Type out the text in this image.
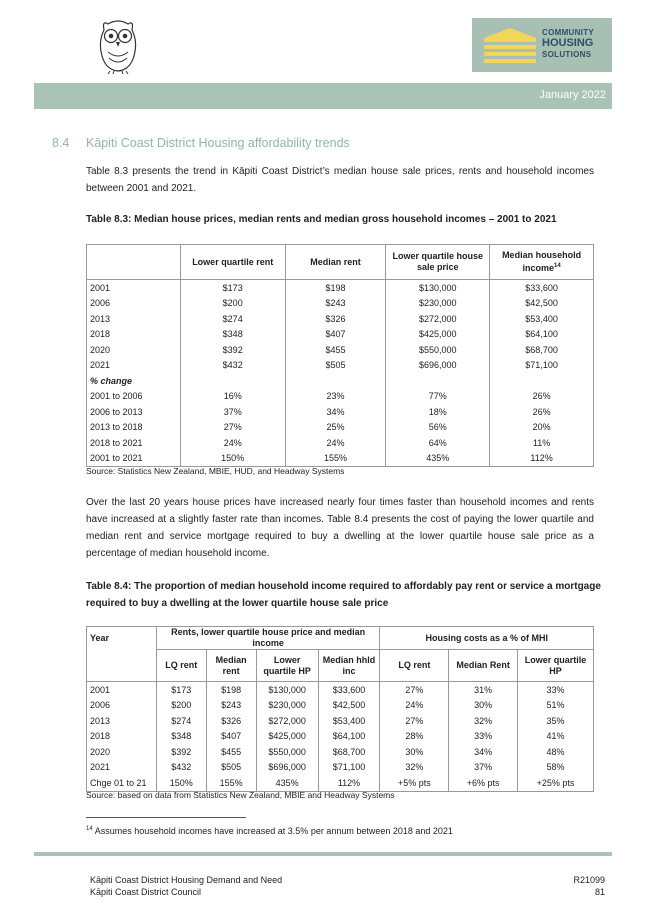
COMMUNITY
HOUSING
SOLUTIONS
January 2022
8.4 Kāpiti Coast District Housing affordability trends

Table 8.3 presents the trend in Kāpiti Coast District’s median house sale prices, rents and household incomes between 2001 and 2021.

Table 8.3: Median house prices, median rents and median gross household incomes – 2001 to 2021
	Lower quartile rent	Median rent	Lower quartile house sale price	Median household income$^{14}$
2001	$173	$198	$130,000	$33,600
2006	$200	$243	$230,000	$42,500
2013	$274	$326	$272,000	$53,400
2018	$348	$407	$425,000	$64,100
2020	$392	$455	$550,000	$68,700
2021	$432	$505	$696,000	$71,100
% change				
2001 to 2006	16%	23%	77%	26%
2006 to 2013	37%	34%	18%	26%
2013 to 2018	27%	25%	56%	20%
2018 to 2021	24%	24%	64%	11%
2001 to 2021	150%	155%	435%	112%
Source: Statistics New Zealand, MBIE, HUD, and Headway Systems

Over the last 20 years house prices have increased nearly four times faster than household incomes and rents have increased at a slightly faster rate than incomes. Table 8.4 presents the cost of paying the lower quartile and median rent and service mortgage required to buy a dwelling at the lower quartile house sale price as a percentage of median household income.

Table 8.4: The proportion of median household income required to affordably pay rent or service a mortgage
required to buy a dwelling at the lower quartile house sale price
Year	Rents, lower quartile house price and median income				Housing costs as a % of MHI		
	LQ rent	Median rent	Lower quartile HP	Median hhld inc	LQ rent	Median Rent	Lower quartile HP
2001	$173	$198	$130,000	$33,600	27%	31%	33%
2006	$200	$243	$230,000	$42,500	24%	30%	51%
2013	$274	$326	$272,000	$53,400	27%	32%	35%
2018	$348	$407	$425,000	$64,100	28%	33%	41%
2020	$392	$455	$550,000	$68,700	30%	34%	48%
2021	$432	$505	$696,000	$71,100	32%	37%	58%
Chge 01 to 21	150%	155%	435%	112%	+5% pts	+6% pts	+25% pts
Source: based on data from Statistics New Zealand, MBIE and Headway Systems
$^{14}$ Assumes household incomes have increased at 3.5% per annum between 2018 and 2021
Kāpiti Coast District Housing Demand and Need
Kāpiti Coast District Council
R21099
81
